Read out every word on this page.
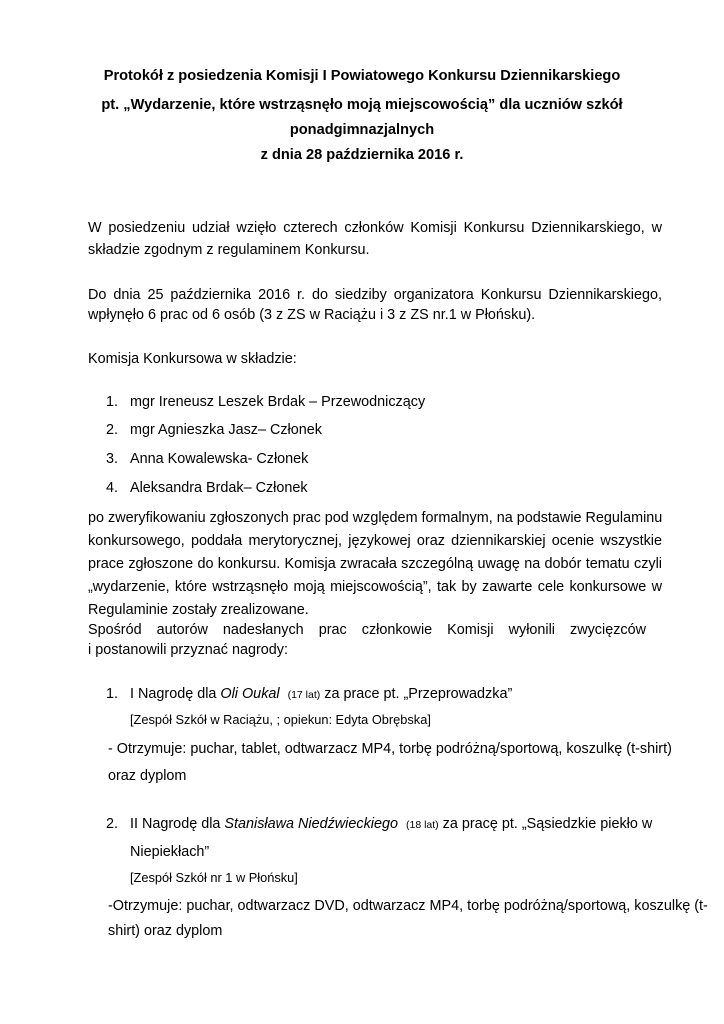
Protokół z posiedzenia Komisji I Powiatowego Konkursu Dziennikarskiego
pt. „Wydarzenie, które wstrząsnęło moją miejscowością” dla uczniów szkół
ponadgimnazjalnych
z dnia 28 października 2016 r.
W posiedzeniu udział wzięło czterech członków Komisji Konkursu Dziennikarskiego, w
składzie zgodnym z regulaminem Konkursu.
Do dnia 25 października 2016 r. do siedziby organizatora Konkursu Dziennikarskiego,
wpłynęło 6 prac od 6 osób (3 z ZS w Raciążu i 3 z ZS nr.1 w Płońsku).
Komisja Konkursowa w składzie:
1. mgr Ireneusz Leszek Brdak – Przewodniczący
2. mgr Agnieszka Jasz– Członek
3. Anna Kowalewska- Członek
4. Aleksandra Brdak– Członek
po zweryfikowaniu zgłoszonych prac pod względem formalnym, na podstawie Regulaminu
konkursowego, poddała merytorycznej, językowej oraz dziennikarskiej ocenie wszystkie
prace zgłoszone do konkursu. Komisja zwracała szczególną uwagę na dobór tematu czyli
„wydarzenie, które wstrząsnęło moją miejscowością”, tak by zawarte cele konkursowe w
Regulaminie zostały zrealizowane.
Spośród autorów nadesłanych prac członkowie Komisji wyłonili zwycięzców
i postanowili przyznać nagrody:
1. I Nagrodę dla Oli Oukal (17 lat) za prace pt. „Przeprowadzka”
[Zespół Szkół w Raciążu, ; opiekun: Edyta Obrębska]
- Otrzymuje: puchar, tablet, odtwarzacz MP4, torbę podróżną/sportową, koszulkę (t-shirt)
oraz dyplom
2. II Nagrodę dla Stanisława Niedźwieckiego (18 lat) za pracę pt. „Sąsiedzkie piekło w
Niepiekłach”
[Zespół Szkół nr 1 w Płońsku]
-Otrzymuje: puchar, odtwarzacz DVD, odtwarzacz MP4, torbę podróżną/sportową, koszulkę (t-
shirt) oraz dyplom
